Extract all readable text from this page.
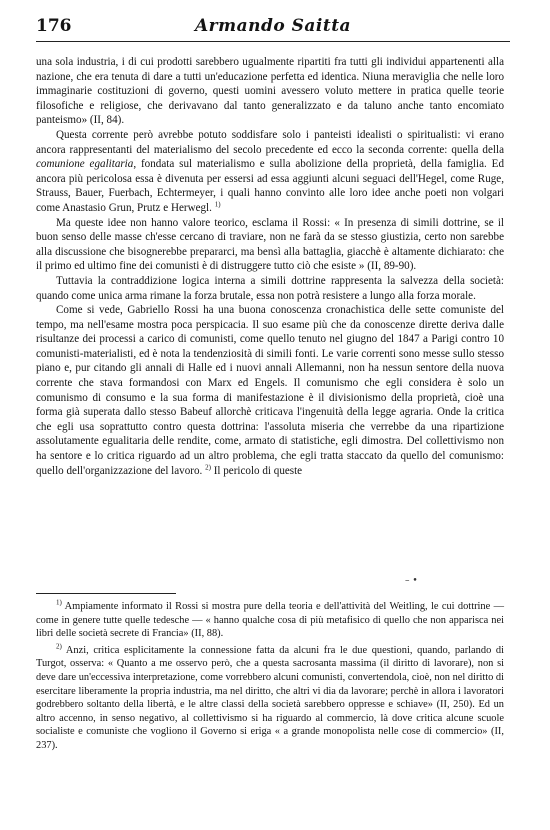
176	Armando Saitta

una sola industria, i di cui prodotti sarebbero ugualmente ripartiti fra tutti gli individui appartenenti alla nazione, che era tenuta di dare a tutti un'educazione perfetta ed identica. Niuna meraviglia che nelle loro immaginarie costituzioni di governo, questi uomini avessero voluto mettere in pratica quelle teorie filosofiche e religiose, che derivavano dal tanto generalizzato e da taluno anche tanto encomiato panteismo» (II, 84).

Questa corrente però avrebbe potuto soddisfare solo i panteisti idealisti o spiritualisti: vi erano ancora rappresentanti del materialismo del secolo precedente ed ecco la seconda corrente: quella della comunione egalitaria, fondata sul materialismo e sulla abolizione della proprietà, della famiglia. Ed ancora più pericolosa essa è divenuta per essersi ad essa aggiunti alcuni seguaci dell'Hegel, come Ruge, Strauss, Bauer, Fuerbach, Echtermeyer, i quali hanno convinto alle loro idee anche poeti non volgari come Anastasio Grun, Prutz e Herwegl. $^{1)}$

Ma queste idee non hanno valore teorico, esclama il Rossi: « In presenza di simili dottrine, se il buon senso delle masse ch'esse cercano di traviare, non ne farà da se stesso giustizia, certo non sarebbe alla discussione che bisognerebbe prepararci, ma bensì alla battaglia, giacchè è altamente dichiarato: che il primo ed ultimo fine dei comunisti è di distruggere tutto ciò che esiste » (II, 89-90).

Tuttavia la contraddizione logica interna a simili dottrine rappresenta la salvezza della società: quando come unica arma rimane la forza brutale, essa non potrà resistere a lungo alla forza morale.

Come si vede, Gabriello Rossi ha una buona conoscenza cronachistica delle sette comuniste del tempo, ma nell'esame mostra poca perspicacia. Il suo esame più che da conoscenze dirette deriva dalle risultanze dei processi a carico di comunisti, come quello tenuto nel giugno del 1847 a Parigi contro 10 comunisti-materialisti, ed è nota la tendenziosità di simili fonti. Le varie correnti sono messe sullo stesso piano e, pur citando gli annali di Halle ed i nuovi annali Allemanni, non ha nessun sentore della nuova corrente che stava formandosi con Marx ed Engels. Il comunismo che egli considera è solo un comunismo di consumo e la sua forma di manifestazione è il divisionismo della proprietà, cioè una forma già superata dallo stesso Babeuf allorchè criticava l'ingenuità della legge agraria. Onde la critica che egli usa soprattutto contro questa dottrina: l'assoluta miseria che verrebbe da una ripartizione assolutamente egualitaria delle rendite, come, armato di statistiche, egli dimostra. Del collettivismo non ha sentore e lo critica riguardo ad un altro problema, che egli tratta staccato da quello del comunismo: quello dell'organizzazione del lavoro. $^{2)}$ Il pericolo di queste

– •

$^{1)}$ Ampiamente informato il Rossi si mostra pure della teoria e dell'attività del Weitling, le cui dottrine — come in genere tutte quelle tedesche — « hanno qualche cosa di più metafisico di quello che non apparisca nei libri delle società secrete di Francia» (II, 88).

$^{2)}$ Anzi, critica esplicitamente la connessione fatta da alcuni fra le due questioni, quando, parlando di Turgot, osserva: « Quanto a me osservo però, che a questa sacrosanta massima (il diritto di lavorare), non si deve dare un'eccessiva interpretazione, come vorrebbero alcuni comunisti, convertendola, cioè, non nel diritto di esercitare liberamente la propria industria, ma nel diritto, che altri vi dia da lavorare; perchè in allora i lavoratori godrebbero soltanto della libertà, e le altre classi della società sarebbero oppresse e schiave» (II, 250). Ed un altro accenno, in senso negativo, al collettivismo si ha riguardo al commercio, là dove critica alcune scuole socialiste e comuniste che vogliono il Governo si eriga « a grande monopolista nelle cose di commercio» (II, 237).
